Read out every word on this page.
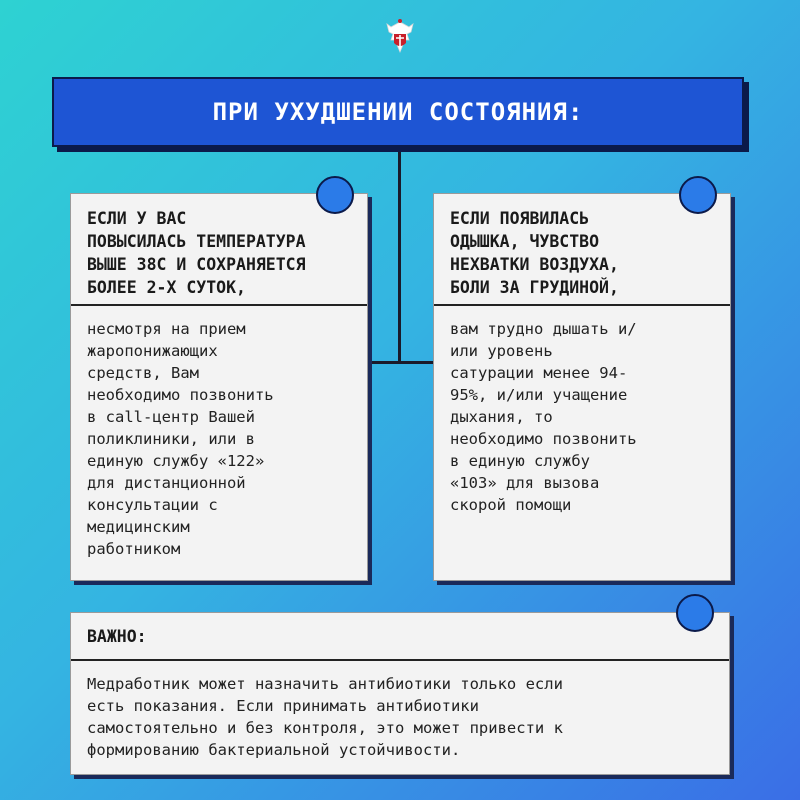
ПРИ УХУДШЕНИИ СОСТОЯНИЯ:
ЕСЛИ У ВАС
ПОВЫСИЛАСЬ ТЕМПЕРАТУРА
ВЫШЕ 38С И СОХРАНЯЕТСЯ
БОЛЕЕ 2-Х СУТОК,
несмотря на прием
жаропонижающих
средств, Вам
необходимо позвонить
в call-центр Вашей
поликлиники, или в
единую службу «122»
для дистанционной
консультации с
медицинским
работником
ЕСЛИ ПОЯВИЛАСЬ
ОДЫШКА, ЧУВСТВО
НЕХВАТКИ ВОЗДУХА,
БОЛИ ЗА ГРУДИНОЙ,
вам трудно дышать и/
или уровень
сатурации менее 94-
95%, и/или учащение
дыхания, то
необходимо позвонить
в единую службу
«103» для вызова
скорой помощи
ВАЖНО:
Медработник может назначить антибиотики только если
есть показания. Если принимать антибиотики
самостоятельно и без контроля, это может привести к
формированию бактериальной устойчивости.
